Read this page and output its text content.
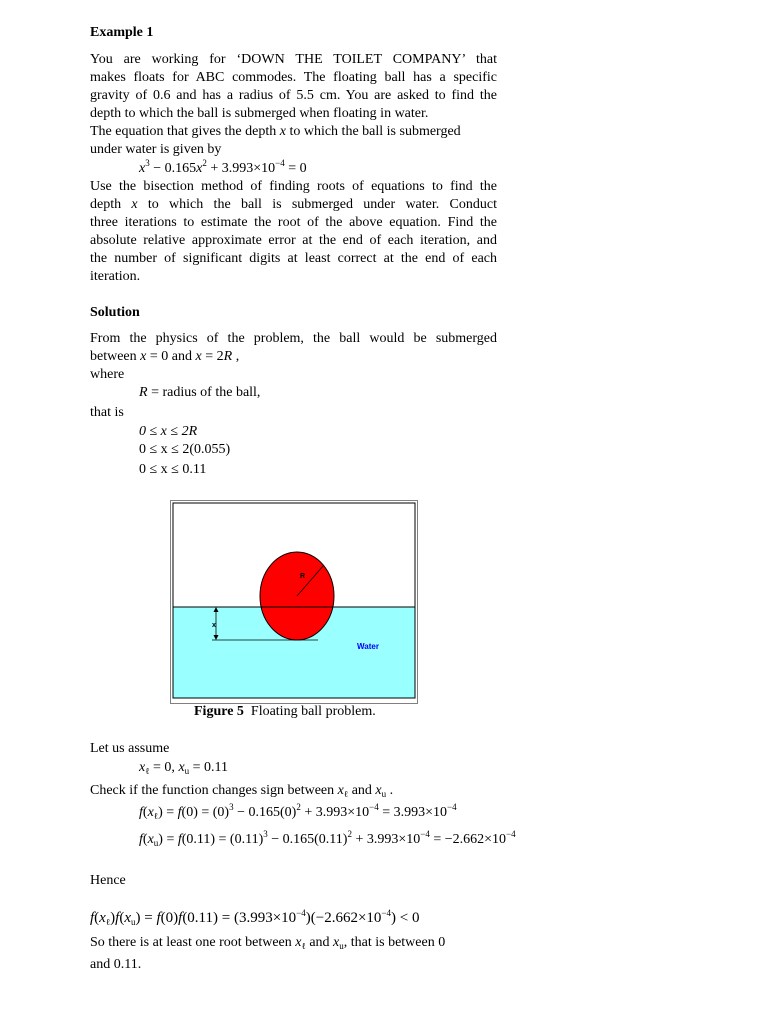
Example 1
You are working for ‘DOWN THE TOILET COMPANY’ that
makes floats for ABC commodes. The floating ball has a specific
gravity of 0.6 and has a radius of 5.5 cm. You are asked to find the
depth to which the ball is submerged when floating in water.
The equation that gives the depth x to which the ball is submerged
under water is given by
$x^3 - 0.165x^2 + 3.993\times 10^{-4} = 0$
Use the bisection method of finding roots of equations to find the
depth x to which the ball is submerged under water. Conduct
three iterations to estimate the root of the above equation. Find the
absolute relative approximate error at the end of each iteration, and
the number of significant digits at least correct at the end of each
iteration.
Solution
From the physics of the problem, the ball would be submerged
between x = 0 and x = 2R ,
where
R = radius of the ball,
that is
0 ≤ x ≤ 2R
0 ≤ x ≤ 2(0.055)
0 ≤ x ≤ 0.11
R
x
Water
Figure 5 Floating ball problem.
Let us assume
$x_\ell = 0$, $x_u = 0.11$
Check if the function changes sign between $x_\ell$ and $x_u$ .
$f(x_\ell) = f(0) = (0)^3 - 0.165(0)^2 + 3.993\times 10^{-4} = 3.993\times 10^{-4}$
$f(x_u) = f(0.11) = (0.11)^3 - 0.165(0.11)^2 + 3.993\times 10^{-4} = -2.662\times 10^{-4}$
Hence
$f(x_\ell)f(x_u) = f(0)f(0.11) = (3.993\times 10^{-4})(-2.662\times 10^{-4}) < 0$
So there is at least one root between $x_\ell$ and $x_u$, that is between 0
and 0.11.
